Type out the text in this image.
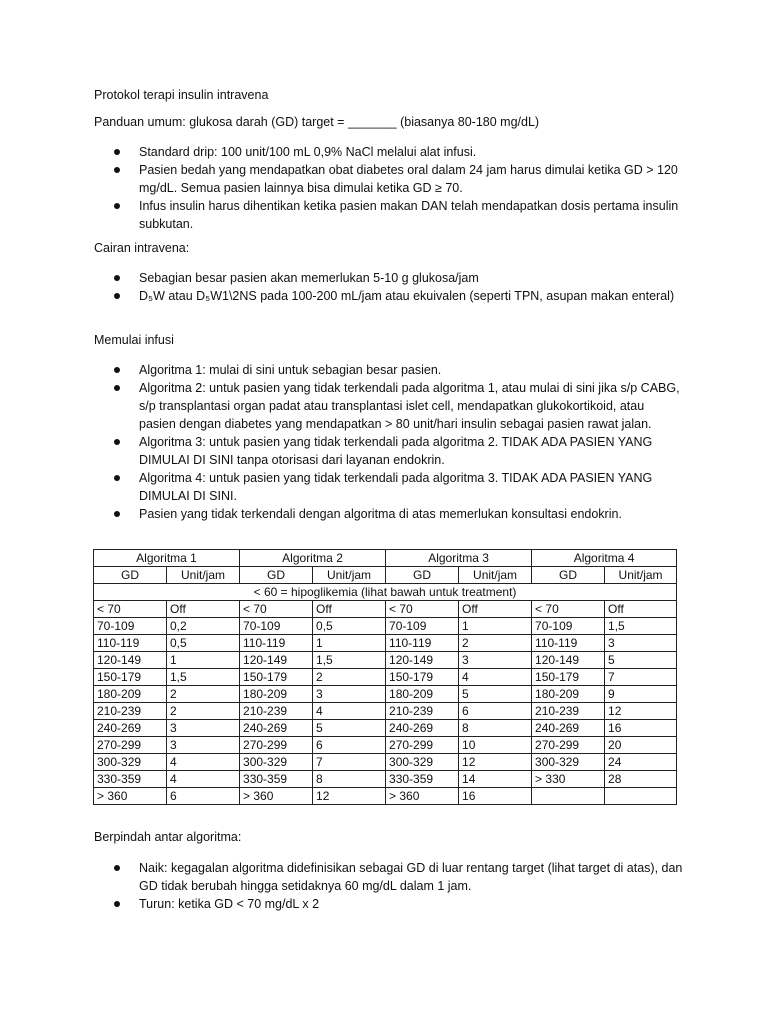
Protokol terapi insulin intravena

Panduan umum: glukosa darah (GD) target = _______ (biasanya 80-180 mg/dL)

Standard drip: 100 unit/100 mL 0,9% NaCl melalui alat infusi.
Pasien bedah yang mendapatkan obat diabetes oral dalam 24 jam harus dimulai ketika GD > 120 mg/dL. Semua pasien lainnya bisa dimulai ketika GD ≥ 70.
Infus insulin harus dihentikan ketika pasien makan DAN telah mendapatkan dosis pertama insulin subkutan.

Cairan intravena:

Sebagian besar pasien akan memerlukan 5-10 g glukosa/jam
D₅W atau D₅W1\2NS pada 100-200 mL/jam atau ekuivalen (seperti TPN, asupan makan enteral)

Memulai infusi

Algoritma 1: mulai di sini untuk sebagian besar pasien.
Algoritma 2: untuk pasien yang tidak terkendali pada algoritma 1, atau mulai di sini jika s/p CABG, s/p transplantasi organ padat atau transplantasi islet cell, mendapatkan glukokortikoid, atau pasien dengan diabetes yang mendapatkan > 80 unit/hari insulin sebagai pasien rawat jalan.
Algoritma 3: untuk pasien yang tidak terkendali pada algoritma 2. TIDAK ADA PASIEN YANG DIMULAI DI SINI tanpa otorisasi dari layanan endokrin.
Algoritma 4: untuk pasien yang tidak terkendali pada algoritma 3. TIDAK ADA PASIEN YANG DIMULAI DI SINI.
Pasien yang tidak terkendali dengan algoritma di atas memerlukan konsultasi endokrin.
Algoritma 1		Algoritma 2		Algoritma 3		Algoritma 4	
GD	Unit/jam	GD	Unit/jam	GD	Unit/jam	GD	Unit/jam
< 60 = hipoglikemia (lihat bawah untuk treatment)							
< 70	Off	< 70	Off	< 70	Off	< 70	Off
70-109	0,2	70-109	0,5	70-109	1	70-109	1,5
110-119	0,5	110-119	1	110-119	2	110-119	3
120-149	1	120-149	1,5	120-149	3	120-149	5
150-179	1,5	150-179	2	150-179	4	150-179	7
180-209	2	180-209	3	180-209	5	180-209	9
210-239	2	210-239	4	210-239	6	210-239	12
240-269	3	240-269	5	240-269	8	240-269	16
270-299	3	270-299	6	270-299	10	270-299	20
300-329	4	300-329	7	300-329	12	300-329	24
330-359	4	330-359	8	330-359	14	> 330	28
> 360	6	> 360	12	> 360	16		

Berpindah antar algoritma:

Naik: kegagalan algoritma didefinisikan sebagai GD di luar rentang target (lihat target di atas), dan GD tidak berubah hingga setidaknya 60 mg/dL dalam 1 jam.
Turun: ketika GD < 70 mg/dL x 2
